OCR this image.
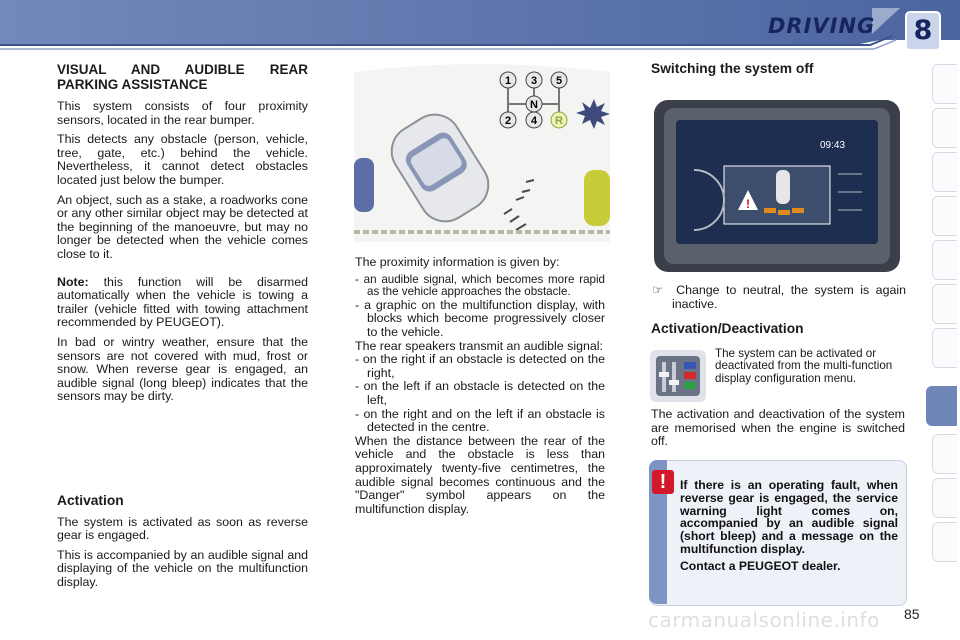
DRIVING 8
VISUAL AND AUDIBLE REAR PARKING ASSISTANCE

This system consists of four proximity sensors, located in the rear bumper.

This detects any obstacle (person, vehicle, tree, gate, etc.) behind the vehicle. Nevertheless, it cannot detect obstacles located just below the bumper.

An object, such as a stake, a roadworks cone or any other similar object may be detected at the beginning of the manoeuvre, but may no longer be detected when the vehicle comes close to it.

Note: this function will be disarmed automatically when the vehicle is towing a trailer (vehicle fitted with towing attachment recommended by PEUGEOT).

In bad or wintry weather, ensure that the sensors are not covered with mud, frost or snow. When reverse gear is engaged, an audible signal (long bleep) indicates that the sensors may be dirty.

Activation

The system is activated as soon as reverse gear is engaged.

This is accompanied by an audible signal and displaying of the vehicle on the multifunction display.

1 3 5
N
2 4 R

The proximity information is given by:

- an audible signal, which becomes more rapid as the vehicle approaches the obstacle.
- a graphic on the multifunction display, with blocks which become progressively closer to the vehicle.
The rear speakers transmit an audible signal:
- on the right if an obstacle is detected on the right,
- on the left if an obstacle is detected on the left,
- on the right and on the left if an obstacle is detected in the centre.
When the distance between the rear of the vehicle and the obstacle is less than approximately twenty-five centimetres, the audible signal becomes continuous and the "Danger" symbol appears on the multifunction display.
Switching the system off
09:43
!
☞ Change to neutral, the system is again inactive.
Activation/Deactivation
The system can be activated or deactivated from the multi-function display configuration menu.
The activation and deactivation of the system are memorised when the engine is switched off.
!	If there is an operating fault, when reverse gear is engaged, the service warning light comes on, accompanied by an audible signal (short bleep) and a message on the multifunction display.
Contact a PEUGEOT dealer.
85
carmanualsonline.info
